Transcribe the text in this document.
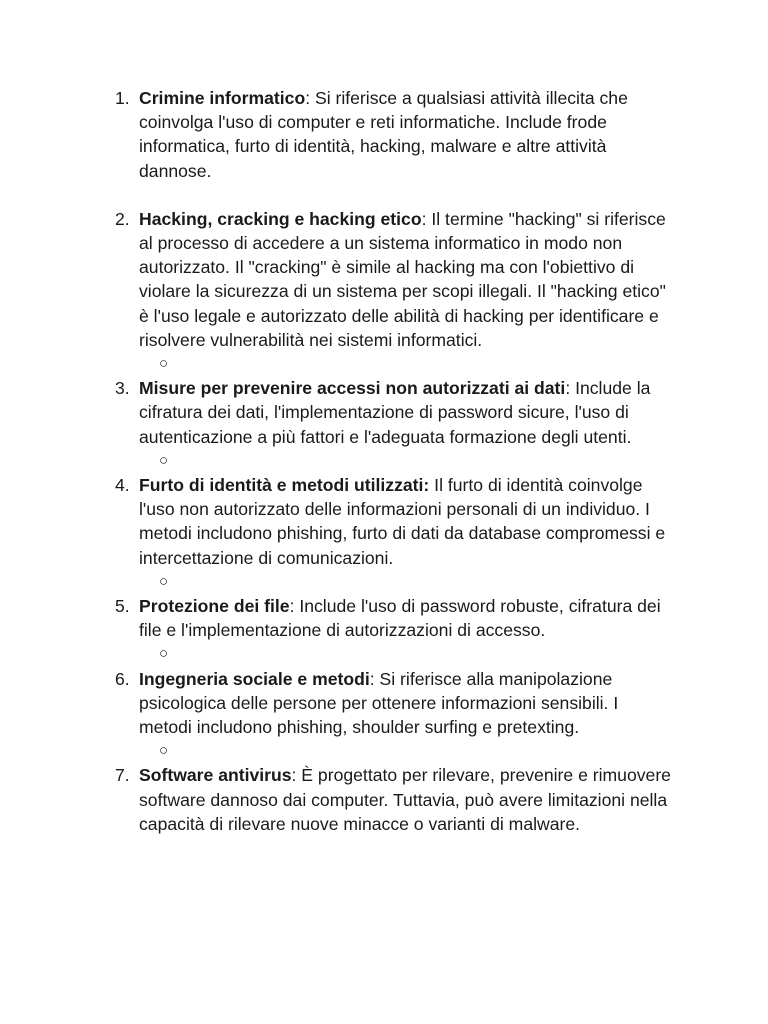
1. Crimine informatico: Si riferisce a qualsiasi attività illecita che coinvolga l'uso di computer e reti informatiche. Include frode informatica, furto di identità, hacking, malware e altre attività dannose.
2. Hacking, cracking e hacking etico: Il termine "hacking" si riferisce al processo di accedere a un sistema informatico in modo non autorizzato. Il "cracking" è simile al hacking ma con l'obiettivo di violare la sicurezza di un sistema per scopi illegali. Il "hacking etico" è l'uso legale e autorizzato delle abilità di hacking per identificare e risolvere vulnerabilità nei sistemi informatici.
○
3. Misure per prevenire accessi non autorizzati ai dati: Include la cifratura dei dati, l'implementazione di password sicure, l'uso di autenticazione a più fattori e l'adeguata formazione degli utenti.
○
4. Furto di identità e metodi utilizzati: Il furto di identità coinvolge l'uso non autorizzato delle informazioni personali di un individuo. I metodi includono phishing, furto di dati da database compromessi e intercettazione di comunicazioni.
○
5. Protezione dei file: Include l'uso di password robuste, cifratura dei file e l'implementazione di autorizzazioni di accesso.
○
6. Ingegneria sociale e metodi: Si riferisce alla manipolazione psicologica delle persone per ottenere informazioni sensibili. I metodi includono phishing, shoulder surfing e pretexting.
○
7. Software antivirus: È progettato per rilevare, prevenire e rimuovere software dannoso dai computer. Tuttavia, può avere limitazioni nella capacità di rilevare nuove minacce o varianti di malware.
